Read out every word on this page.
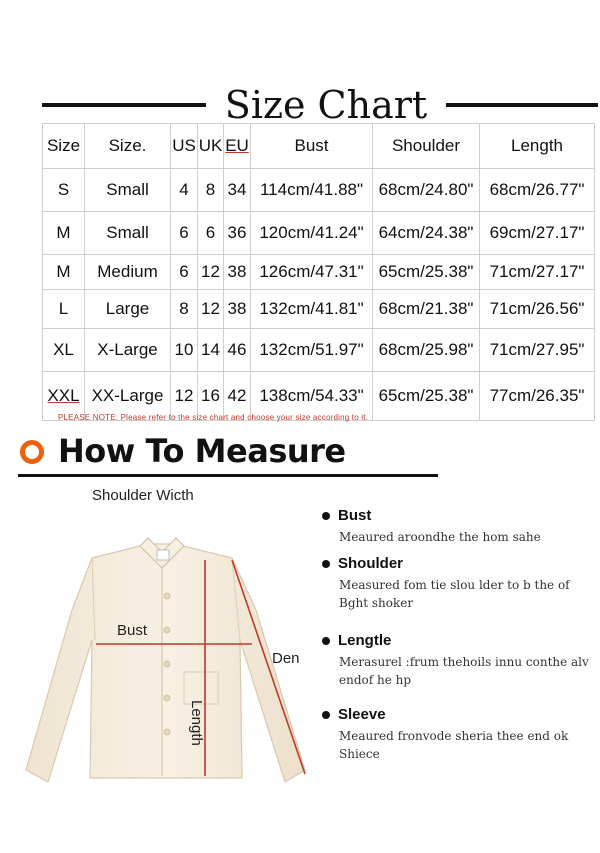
Size Chart
Size	Size.	US	UK	EU	Bust	Shoulder	Length
S	Small	4	8	34	114cm/41.88"	68cm/24.80"	68cm/26.77"
M	Small	6	6	36	120cm/41.24"	64cm/24.38"	69cm/27.17"
M	Medium	6	12	38	126cm/47.31"	65cm/25.38"	71cm/27.17"
L	Large	8	12	38	132cm/41.81"	68cm/21.38"	71cm/26.56"
XL	X-Large	10	14	46	132cm/51.97"	68cm/25.98"	71cm/27.95"
XXL	XX-Large	12	16	42	138cm/54.33"	65cm/25.38"	77cm/26.35"
PLEASE NOTE: Please refer to the size chart and choose your size according to it.
How To Measure
Shoulder Wicth
Bust
Length
Den
Bust
Meaured aroondhe the hom sahe
Shoulder
Measured fom tie slou lder to b the of Bght shoker
Lengtle
Merasurel :frum thehoils innu conthe alv endof he hp
Sleeve
Meaured fronvode sheria thee end ok Shiece
